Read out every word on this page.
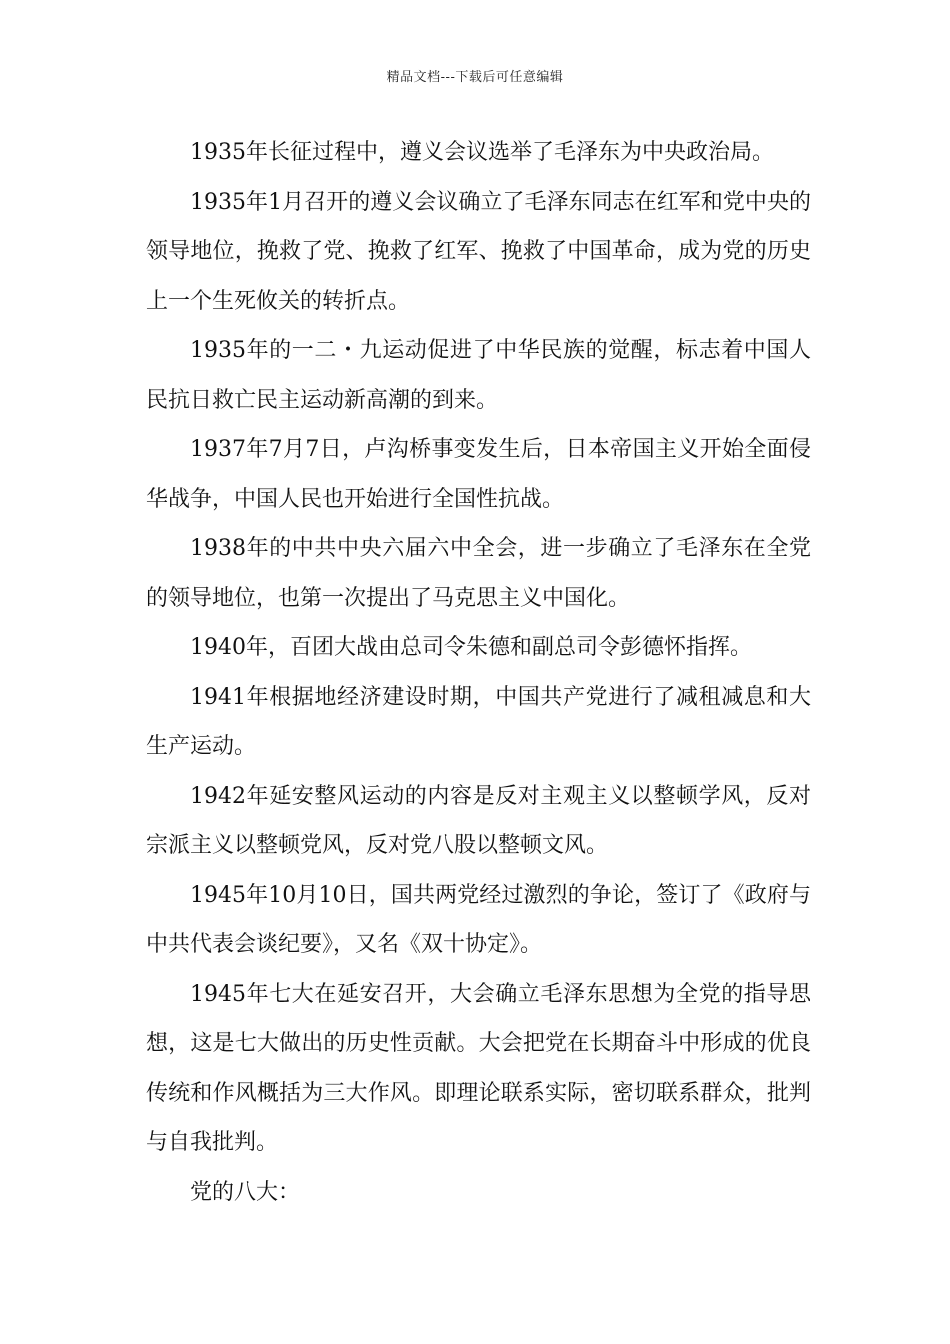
精品文档---下载后可任意编辑

1935年长征过程中，遵义会议选举了毛泽东为中央政治局。

1935年1月召开的遵义会议确立了毛泽东同志在红军和党中央的领导地位，挽救了党、挽救了红军、挽救了中国革命，成为党的历史上一个生死攸关的转折点。

1935年的一二・九运动促进了中华民族的觉醒，标志着中国人民抗日救亡民主运动新高潮的到来。

1937年7月7日，卢沟桥事变发生后，日本帝国主义开始全面侵华战争，中国人民也开始进行全国性抗战。

1938年的中共中央六届六中全会，进一步确立了毛泽东在全党的领导地位，也第一次提出了马克思主义中国化。

1940年，百团大战由总司令朱德和副总司令彭德怀指挥。

1941年根据地经济建设时期，中国共产党进行了减租减息和大生产运动。

1942年延安整风运动的内容是反对主观主义以整顿学风，反对宗派主义以整顿党风，反对党八股以整顿文风。

1945年10月10日，国共两党经过激烈的争论，签订了《政府与中共代表会谈纪要》，又名《双十协定》。

1945年七大在延安召开，大会确立毛泽东思想为全党的指导思想，这是七大做出的历史性贡献。大会把党在长期奋斗中形成的优良传统和作风概括为三大作风。即理论联系实际，密切联系群众，批判与自我批判。

党的八大：
